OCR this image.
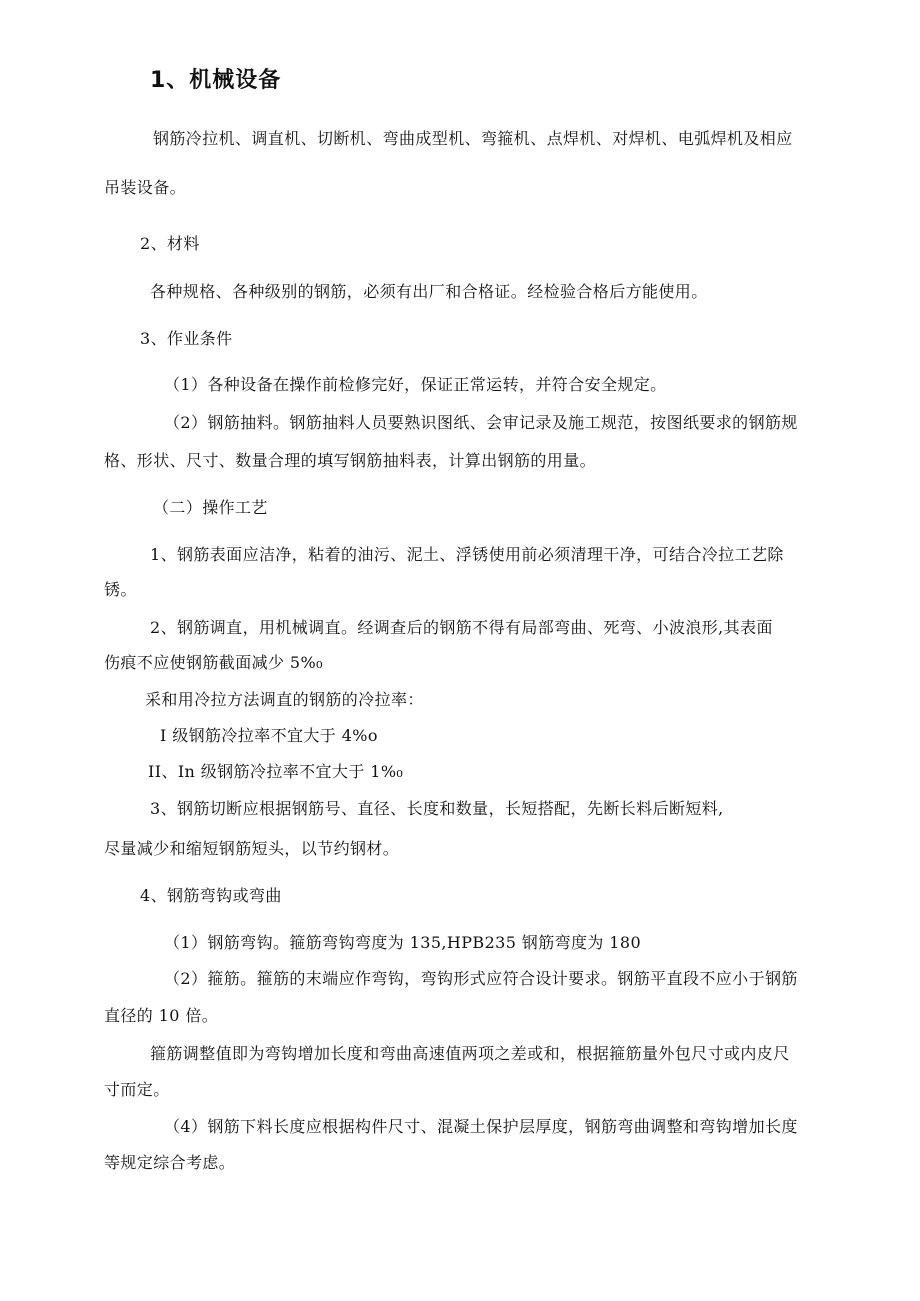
1、机械设备
钢筋冷拉机、调直机、切断机、弯曲成型机、弯箍机、点焊机、对焊机、电弧焊机及相应
吊装设备。
2、材料
各种规格、各种级别的钢筋，必须有出厂和合格证。经检验合格后方能使用。
3、作业条件
（1）各种设备在操作前检修完好，保证正常运转，并符合安全规定。
（2）钢筋抽料。钢筋抽料人员要熟识图纸、会审记录及施工规范，按图纸要求的钢筋规
格、形状、尺寸、数量合理的填写钢筋抽料表，计算出钢筋的用量。
（二）操作工艺
1、钢筋表面应洁净，粘着的油污、泥土、浮锈使用前必须清理干净，可结合冷拉工艺除
锈。
2、钢筋调直，用机械调直。经调查后的钢筋不得有局部弯曲、死弯、小波浪形,其表面
伤痕不应使钢筋截面减少 5%₀
采和用冷拉方法调直的钢筋的冷拉率：
I 级钢筋冷拉率不宜大于 4%o
II、In 级钢筋冷拉率不宜大于 1%₀
3、钢筋切断应根据钢筋号、直径、长度和数量，长短搭配，先断长料后断短料,
尽量减少和缩短钢筋短头，以节约钢材。
4、钢筋弯钩或弯曲
（1）钢筋弯钩。箍筋弯钩弯度为 135,HPB235 钢筋弯度为 180
（2）箍筋。箍筋的末端应作弯钩，弯钩形式应符合设计要求。钢筋平直段不应小于钢筋
直径的 10 倍。
箍筋调整值即为弯钩增加长度和弯曲高速值两项之差或和，根据箍筋量外包尺寸或内皮尺
寸而定。
（4）钢筋下料长度应根据构件尺寸、混凝土保护层厚度，钢筋弯曲调整和弯钩增加长度
等规定综合考虑。
